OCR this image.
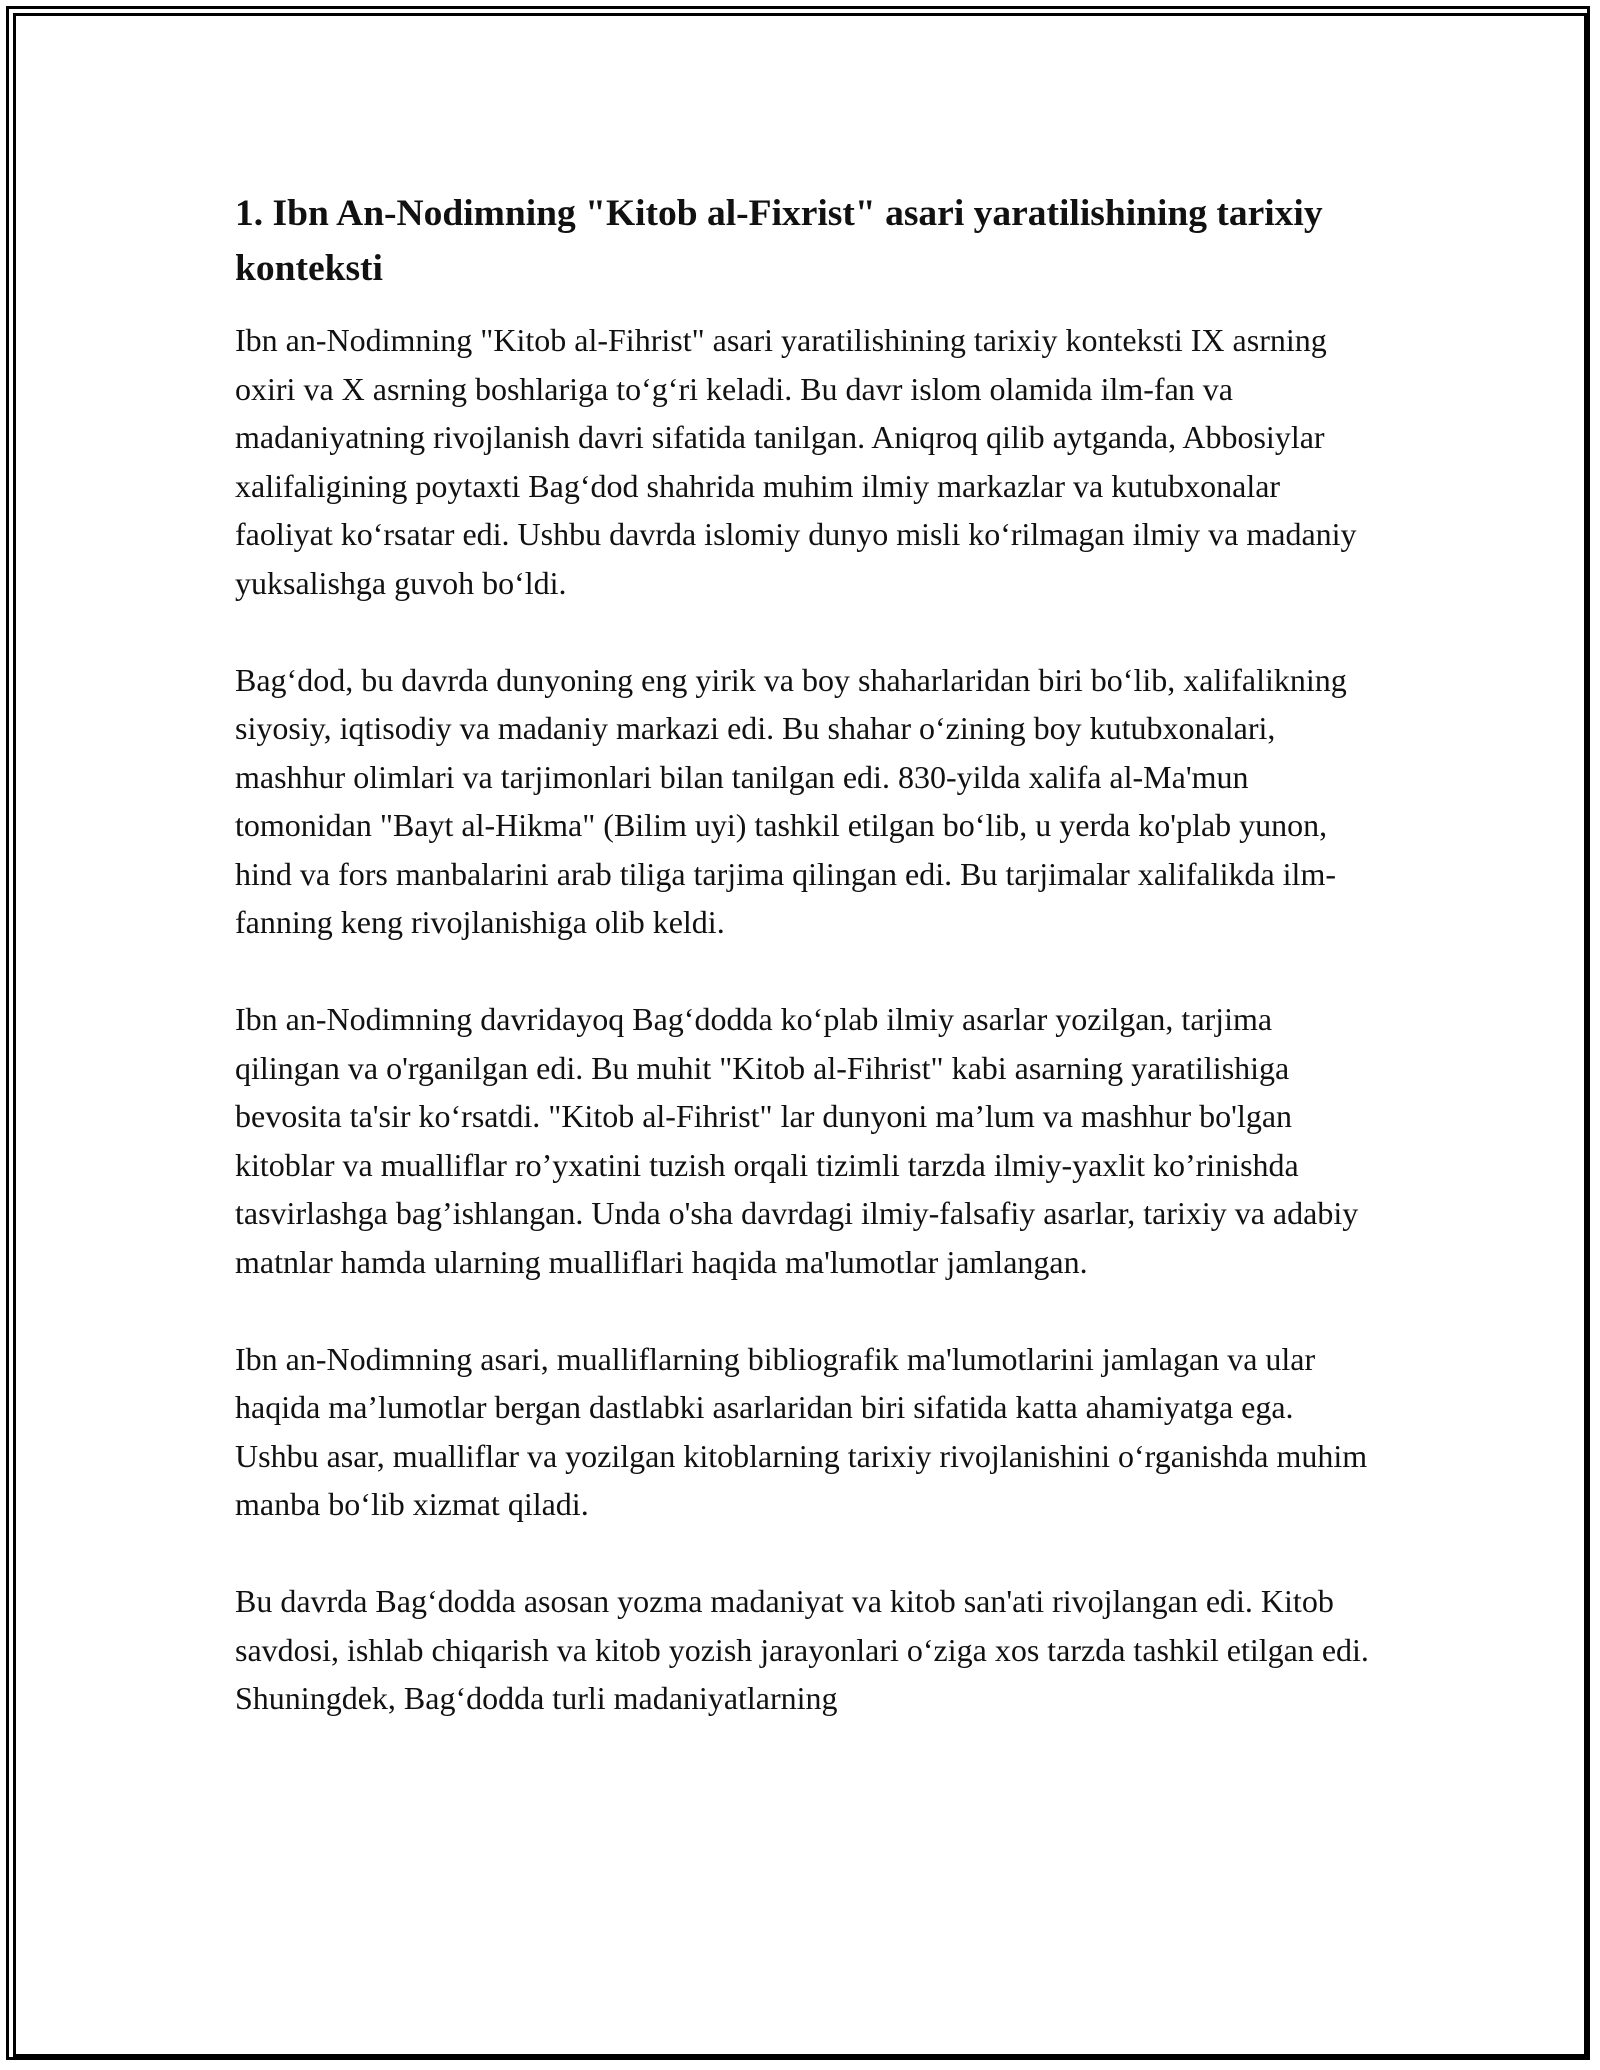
1. Ibn An-Nodimning "Kitob al-Fixrist" asari yaratilishining tarixiy konteksti

Ibn an-Nodimning "Kitob al-Fihrist" asari yaratilishining tarixiy konteksti IX asrning oxiri va X asrning boshlariga to‘g‘ri keladi. Bu davr islom olamida ilm-fan va madaniyatning rivojlanish davri sifatida tanilgan. Aniqroq qilib aytganda, Abbosiylar xalifaligining poytaxti Bag‘dod shahrida muhim ilmiy markazlar va kutubxonalar faoliyat ko‘rsatar edi. Ushbu davrda islomiy dunyo misli ko‘rilmagan ilmiy va madaniy yuksalishga guvoh bo‘ldi.

Bag‘dod, bu davrda dunyoning eng yirik va boy shaharlaridan biri bo‘lib, xalifalikning siyosiy, iqtisodiy va madaniy markazi edi. Bu shahar o‘zining boy kutubxonalari, mashhur olimlari va tarjimonlari bilan tanilgan edi. 830-yilda xalifa al-Ma'mun tomonidan "Bayt al-Hikma" (Bilim uyi) tashkil etilgan bo‘lib, u yerda ko'plab yunon, hind va fors manbalarini arab tiliga tarjima qilingan edi. Bu tarjimalar xalifalikda ilm-fanning keng rivojlanishiga olib keldi.

Ibn an-Nodimning davridayoq Bag‘dodda ko‘plab ilmiy asarlar yozilgan, tarjima qilingan va o'rganilgan edi. Bu muhit "Kitob al-Fihrist" kabi asarning yaratilishiga bevosita ta'sir ko‘rsatdi. "Kitob al-Fihrist" lar dunyoni ma’lum va mashhur bo'lgan kitoblar va mualliflar ro’yxatini tuzish orqali tizimli tarzda ilmiy-yaxlit ko’rinishda tasvirlashga bag’ishlangan. Unda o'sha davrdagi ilmiy-falsafiy asarlar, tarixiy va adabiy matnlar hamda ularning mualliflari haqida ma'lumotlar jamlangan.

Ibn an-Nodimning asari, mualliflarning bibliografik ma'lumotlarini jamlagan va ular haqida ma’lumotlar bergan dastlabki asarlaridan biri sifatida katta ahamiyatga ega. Ushbu asar, mualliflar va yozilgan kitoblarning tarixiy rivojlanishini o‘rganishda muhim manba bo‘lib xizmat qiladi.

Bu davrda Bag‘dodda asosan yozma madaniyat va kitob san'ati rivojlangan edi. Kitob savdosi, ishlab chiqarish va kitob yozish jarayonlari o‘ziga xos tarzda tashkil etilgan edi. Shuningdek, Bag‘dodda turli madaniyatlarning
